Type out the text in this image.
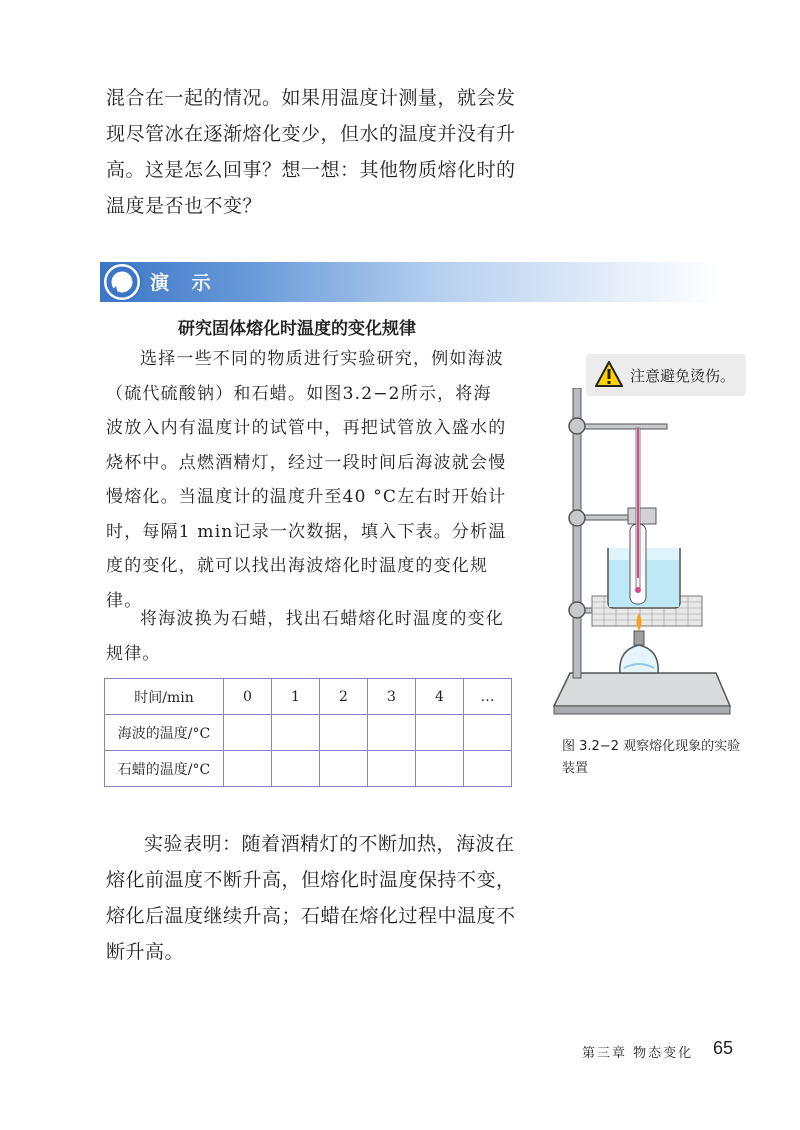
混合在一起的情况。如果用温度计测量，就会发现尽管冰在逐渐熔化变少，但水的温度并没有升高。这是怎么回事？想一想：其他物质熔化时的温度是否也不变？

演 示
研究固体熔化时温度的变化规律

选择一些不同的物质进行实验研究，例如海波（硫代硫酸钠）和石蜡。如图3.2−2所示，将海波放入内有温度计的试管中，再把试管放入盛水的烧杯中。点燃酒精灯，经过一段时间后海波就会慢慢熔化。当温度计的温度升至40 °C左右时开始计时，每隔1 min记录一次数据，填入下表。分析温度的变化，就可以找出海波熔化时温度的变化规律。

将海波换为石蜡，找出石蜡熔化时温度的变化规律。

时间/min	0	1	2	3	4	…
海波的温度/°C						
石蜡的温度/°C						
注意避免烫伤。

图 3.2−2 观察熔化现象的实验装置

实验表明：随着酒精灯的不断加热，海波在熔化前温度不断升高，但熔化时温度保持不变，熔化后温度继续升高；石蜡在熔化过程中温度不断升高。

第三章 物态变化 65
